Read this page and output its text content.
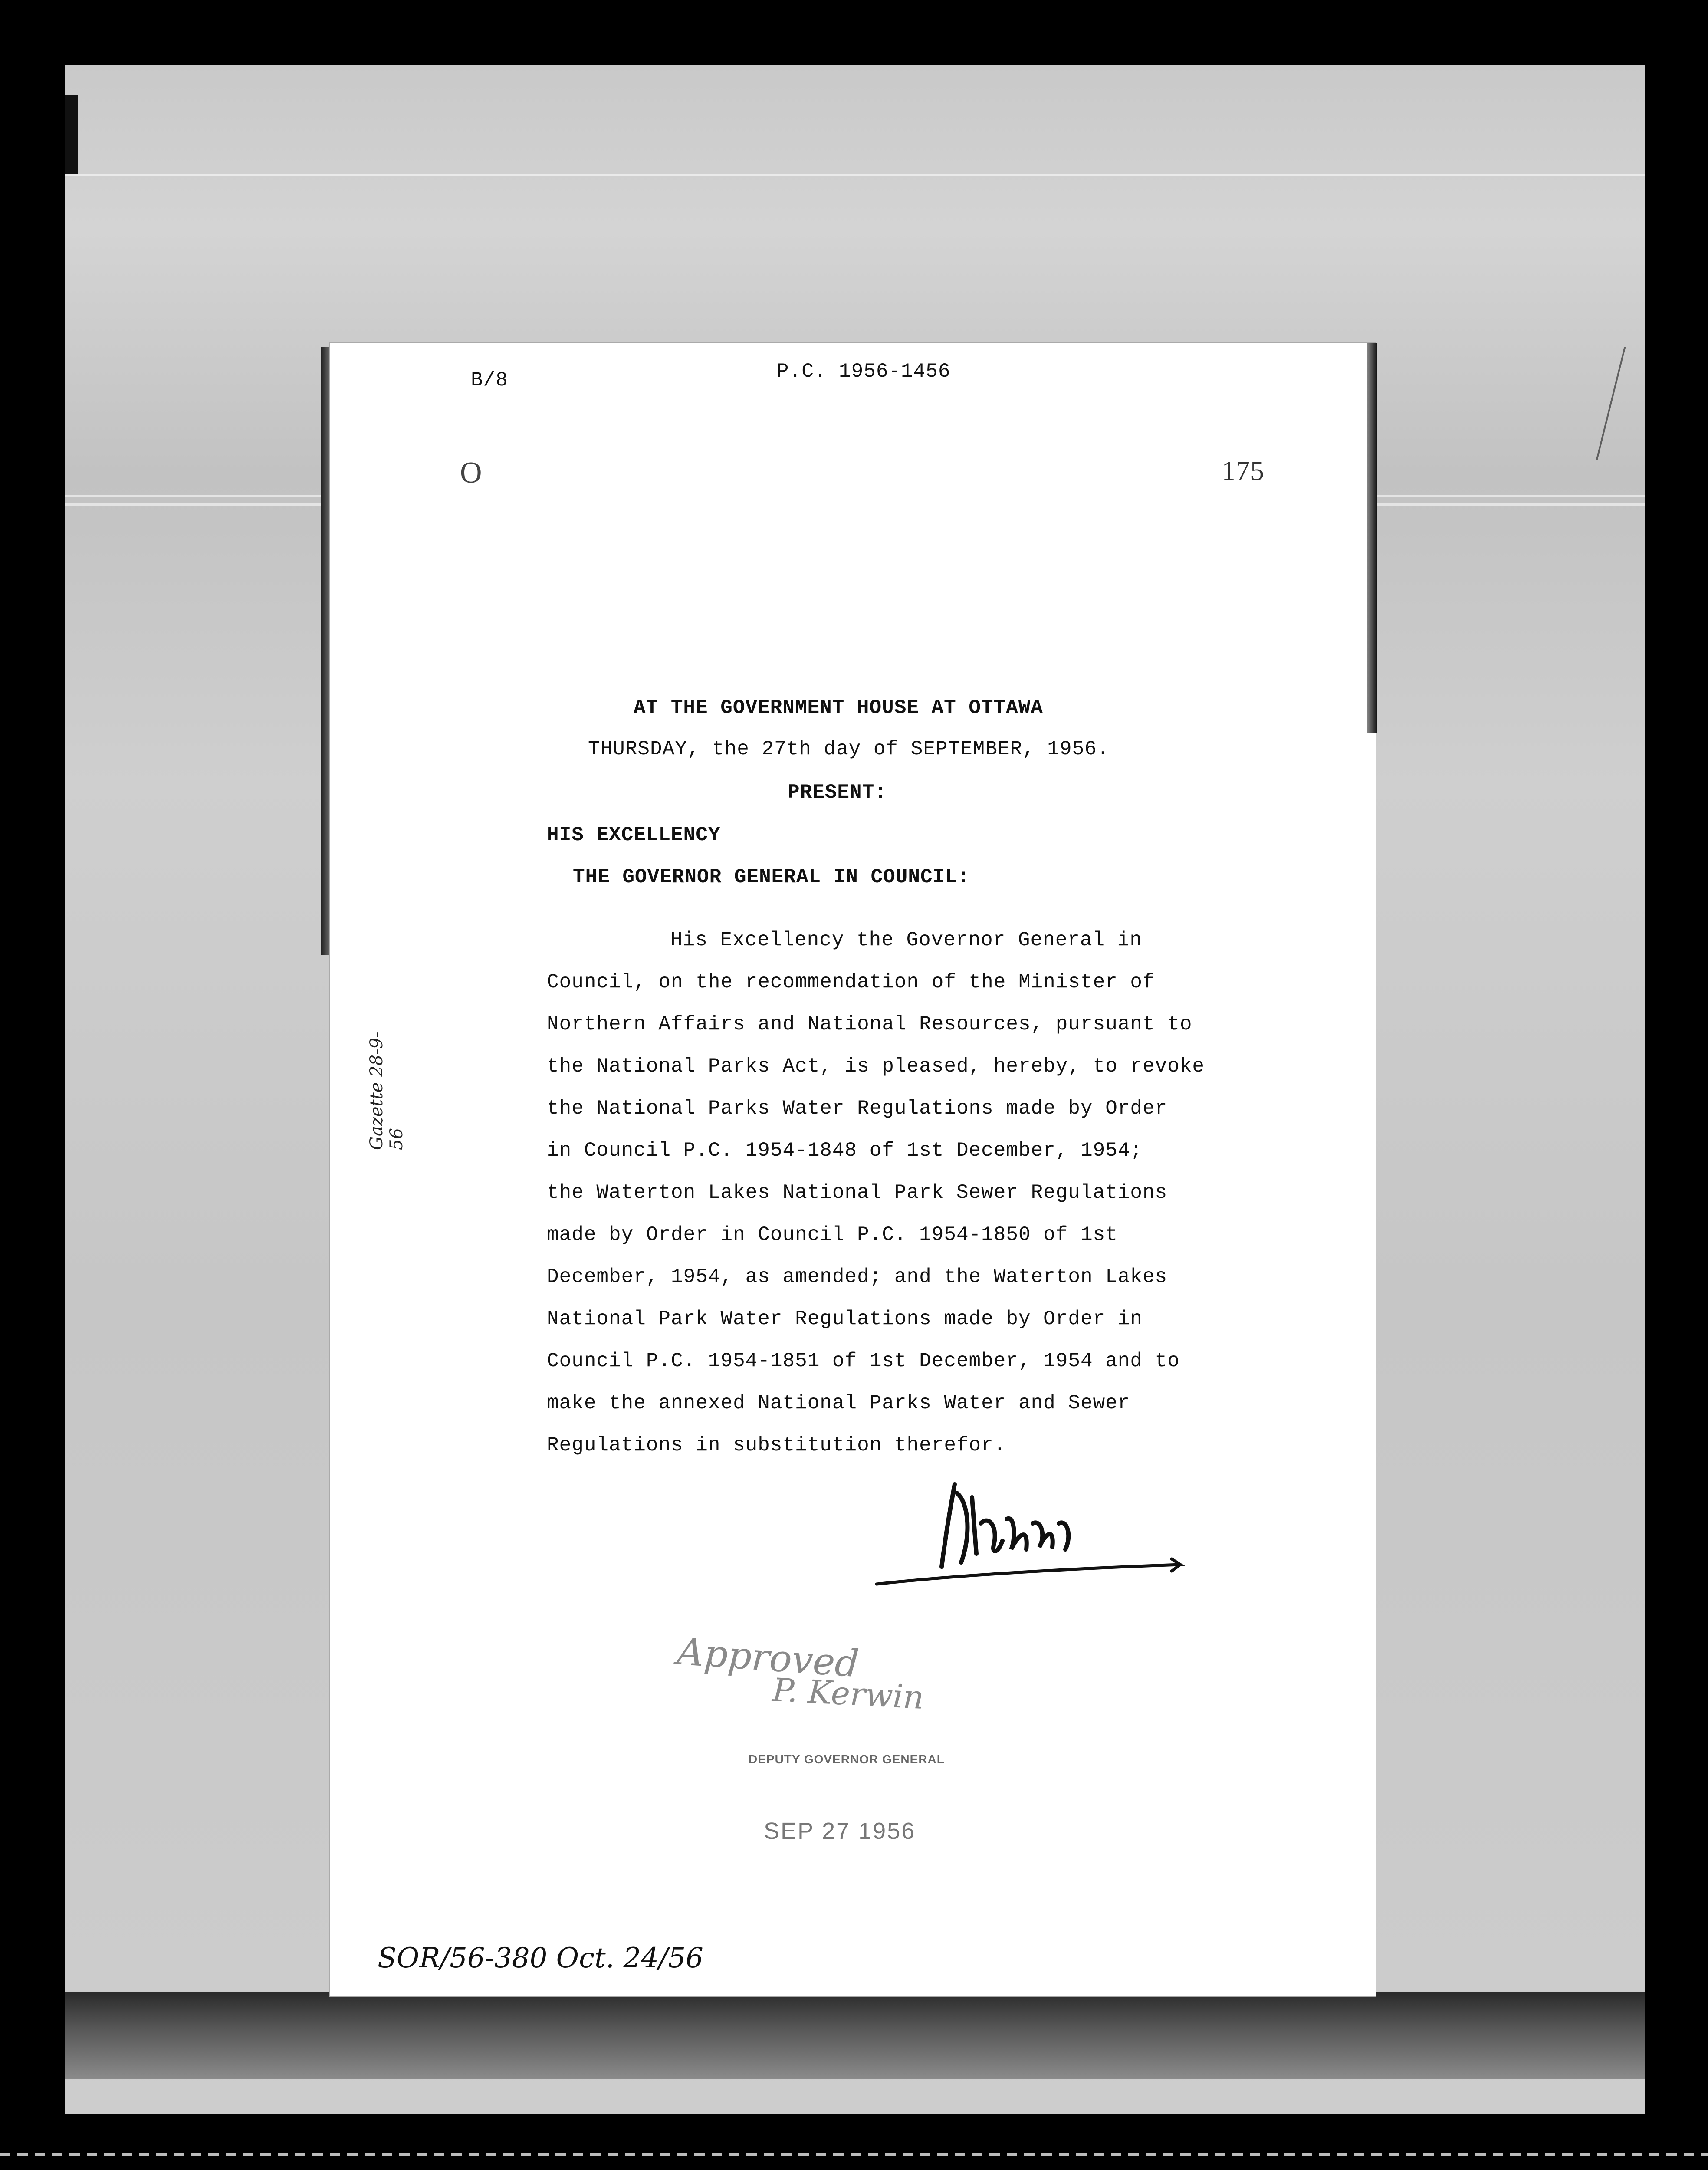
B/8	P.C. 1956-1456
O	175
AT THE GOVERNMENT HOUSE AT OTTAWA
THURSDAY, the 27th day of SEPTEMBER, 1956.
PRESENT:
HIS EXCELLENCY
THE GOVERNOR GENERAL IN COUNCIL:
His Excellency the Governor General in
Council, on the recommendation of the Minister of
Northern Affairs and National Resources, pursuant to
the National Parks Act, is pleased, hereby, to revoke
the National Parks Water Regulations made by Order
in Council P.C. 1954-1848 of 1st December, 1954;
the Waterton Lakes National Park Sewer Regulations
made by Order in Council P.C. 1954-1850 of 1st
December, 1954, as amended; and the Waterton Lakes
National Park Water Regulations made by Order in
Council P.C. 1954-1851 of 1st December, 1954 and to
make the annexed National Parks Water and Sewer
Regulations in substitution therefor.
Gazette 28-9-56
Approved
P. Kerwin
DEPUTY GOVERNOR GENERAL
SEP 27 1956
SOR/56-380 Oct. 24/56
